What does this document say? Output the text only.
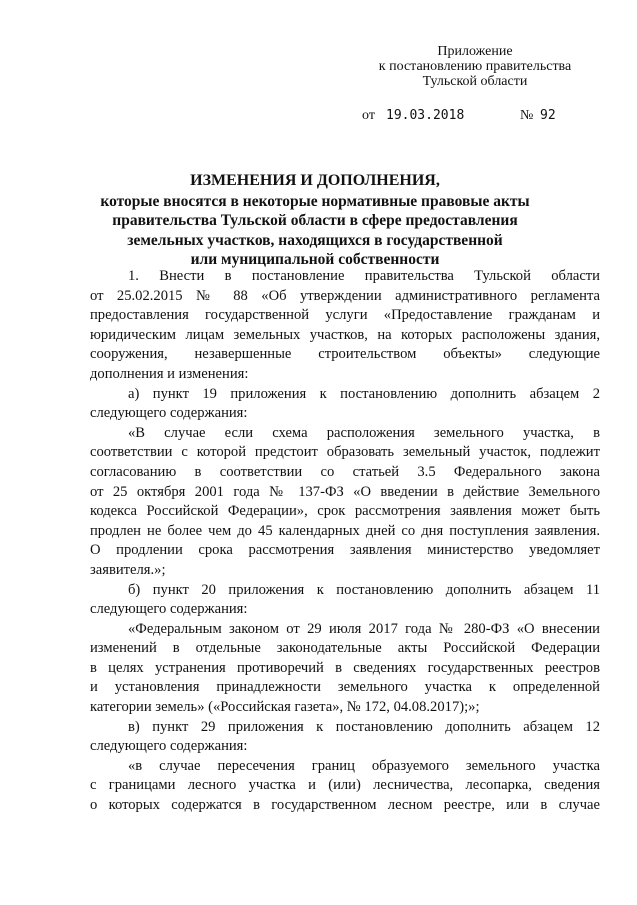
Приложение
к постановлению правительства
Тульской области
от 19.03.2018	№ 92
ИЗМЕНЕНИЯ И ДОПОЛНЕНИЯ,
которые вносятся в некоторые нормативные правовые акты
правительства Тульской области в сфере предоставления
земельных участков, находящихся в государственной
или муниципальной собственности

1. Внести в постановление правительства Тульской области

от 25.02.2015 № 88 «Об утверждении административного регламента

предоставления государственной услуги «Предоставление гражданам и

юридическим лицам земельных участков, на которых расположены здания,

сооружения, незавершенные строительством объекты» следующие

дополнения и изменения:

а) пункт 19 приложения к постановлению дополнить абзацем 2

следующего содержания:

«В случае если схема расположения земельного участка, в

соответствии с которой предстоит образовать земельный участок, подлежит

согласованию в соответствии со статьей 3.5 Федерального закона

от 25 октября 2001 года № 137-ФЗ «О введении в действие Земельного

кодекса Российской Федерации», срок рассмотрения заявления может быть

продлен не более чем до 45 календарных дней со дня поступления заявления.

О продлении срока рассмотрения заявления министерство уведомляет

заявителя.»;

б) пункт 20 приложения к постановлению дополнить абзацем 11

следующего содержания:

«Федеральным законом от 29 июля 2017 года № 280-ФЗ «О внесении

изменений в отдельные законодательные акты Российской Федерации

в целях устранения противоречий в сведениях государственных реестров

и установления принадлежности земельного участка к определенной

категории земель» («Российская газета», № 172, 04.08.2017);»;

в) пункт 29 приложения к постановлению дополнить абзацем 12

следующего содержания:

«в случае пересечения границ образуемого земельного участка

с границами лесного участка и (или) лесничества, лесопарка, сведения

о которых содержатся в государственном лесном реестре, или в случае
